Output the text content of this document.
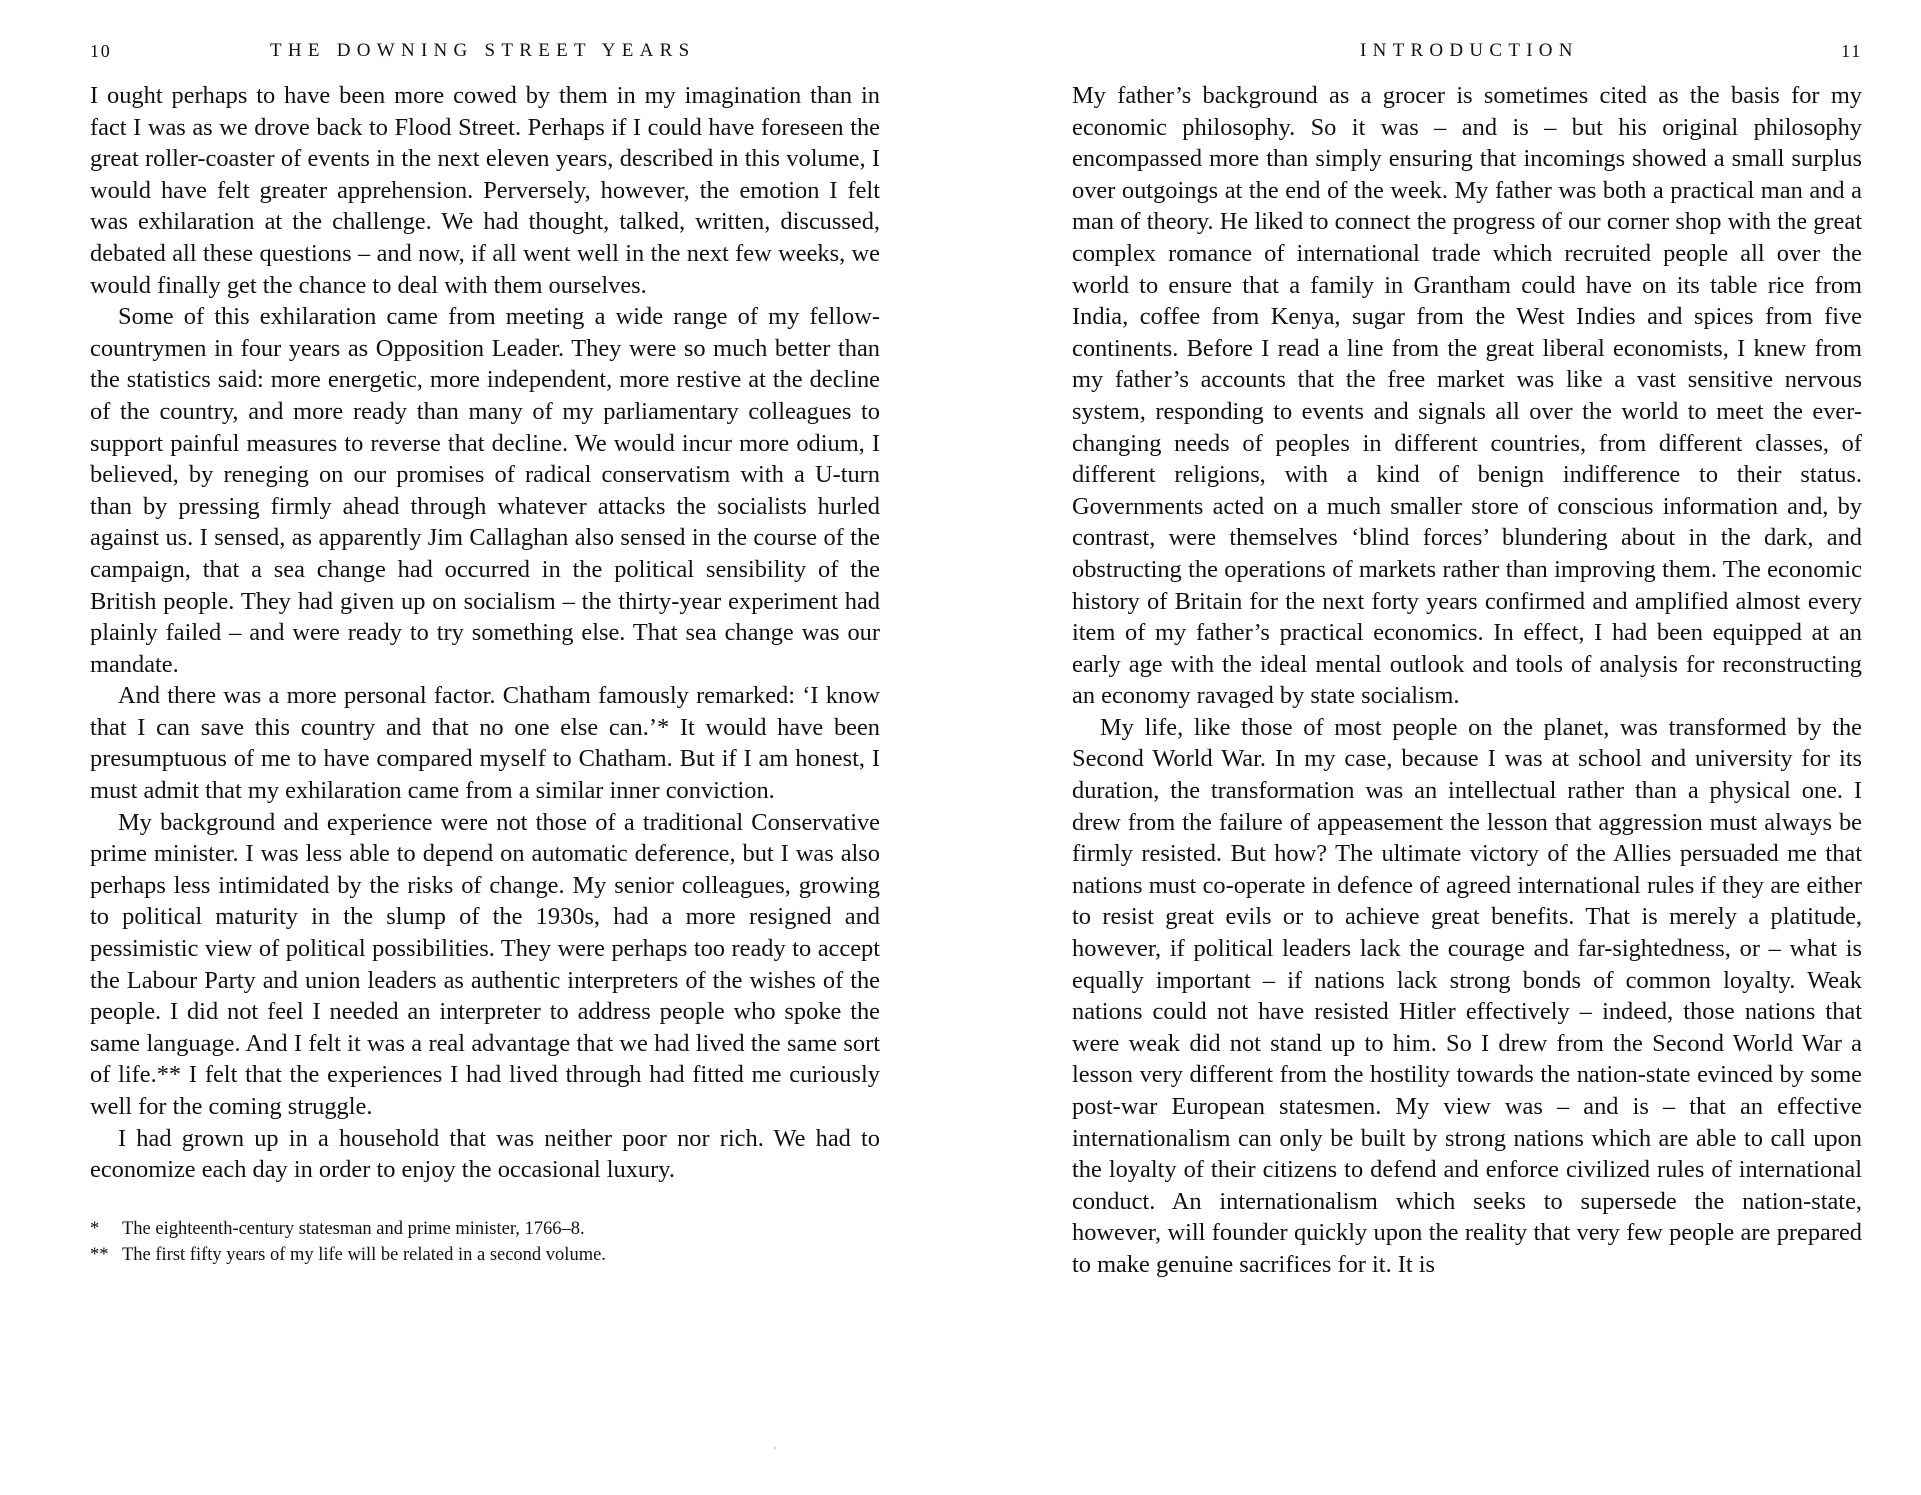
10	THE DOWNING STREET YEARS

I ought perhaps to have been more cowed by them in my imagination than in fact I was as we drove back to Flood Street. Perhaps if I could have foreseen the great roller-coaster of events in the next eleven years, described in this volume, I would have felt greater apprehension. Perversely, however, the emotion I felt was exhilaration at the challenge. We had thought, talked, written, discussed, debated all these questions – and now, if all went well in the next few weeks, we would finally get the chance to deal with them ourselves.

Some of this exhilaration came from meeting a wide range of my fellow-countrymen in four years as Opposition Leader. They were so much better than the statistics said: more energetic, more independent, more restive at the decline of the country, and more ready than many of my parliamentary colleagues to support painful measures to reverse that decline. We would incur more odium, I believed, by reneging on our promises of radical conservatism with a U-turn than by pressing firmly ahead through whatever attacks the socialists hurled against us. I sensed, as apparently Jim Callaghan also sensed in the course of the campaign, that a sea change had occurred in the political sensibility of the British people. They had given up on socialism – the thirty-year experiment had plainly failed – and were ready to try something else. That sea change was our mandate.

And there was a more personal factor. Chatham famously remarked: ‘I know that I can save this country and that no one else can.’* It would have been presumptuous of me to have compared myself to Chatham. But if I am honest, I must admit that my exhilaration came from a similar inner conviction.

My background and experience were not those of a traditional Conservative prime minister. I was less able to depend on automatic deference, but I was also perhaps less intimidated by the risks of change. My senior colleagues, growing to political maturity in the slump of the 1930s, had a more resigned and pessimistic view of political possibilities. They were perhaps too ready to accept the Labour Party and union leaders as authentic interpreters of the wishes of the people. I did not feel I needed an interpreter to address people who spoke the same language. And I felt it was a real advantage that we had lived the same sort of life.** I felt that the experiences I had lived through had fitted me curiously well for the coming struggle.

I had grown up in a household that was neither poor nor rich. We had to economize each day in order to enjoy the occasional luxury.

*	The eighteenth-century statesman and prime minister, 1766–8.
** The first fifty years of my life will be related in a second volume.
INTRODUCTION	11

My father’s background as a grocer is sometimes cited as the basis for my economic philosophy. So it was – and is – but his original philosophy encompassed more than simply ensuring that incomings showed a small surplus over outgoings at the end of the week. My father was both a practical man and a man of theory. He liked to connect the progress of our corner shop with the great complex romance of international trade which recruited people all over the world to ensure that a family in Grantham could have on its table rice from India, coffee from Kenya, sugar from the West Indies and spices from five continents. Before I read a line from the great liberal economists, I knew from my father’s accounts that the free market was like a vast sensitive nervous system, responding to events and signals all over the world to meet the ever-changing needs of peoples in different countries, from different classes, of different religions, with a kind of benign indifference to their status. Governments acted on a much smaller store of conscious information and, by contrast, were themselves ‘blind forces’ blundering about in the dark, and obstructing the operations of markets rather than improving them. The economic history of Britain for the next forty years confirmed and amplified almost every item of my father’s practical economics. In effect, I had been equipped at an early age with the ideal mental outlook and tools of analysis for reconstructing an economy ravaged by state socialism.

My life, like those of most people on the planet, was transformed by the Second World War. In my case, because I was at school and university for its duration, the transformation was an intellectual rather than a physical one. I drew from the failure of appeasement the lesson that aggression must always be firmly resisted. But how? The ultimate victory of the Allies persuaded me that nations must co-operate in defence of agreed international rules if they are either to resist great evils or to achieve great benefits. That is merely a platitude, however, if political leaders lack the courage and far-sightedness, or – what is equally important – if nations lack strong bonds of common loyalty. Weak nations could not have resisted Hitler effectively – indeed, those nations that were weak did not stand up to him. So I drew from the Second World War a lesson very different from the hostility towards the nation-state evinced by some post-war European statesmen. My view was – and is – that an effective internationalism can only be built by strong nations which are able to call upon the loyalty of their citizens to defend and enforce civilized rules of international conduct. An internationalism which seeks to supersede the nation-state, however, will founder quickly upon the reality that very few people are prepared to make genuine sacrifices for it. It is
